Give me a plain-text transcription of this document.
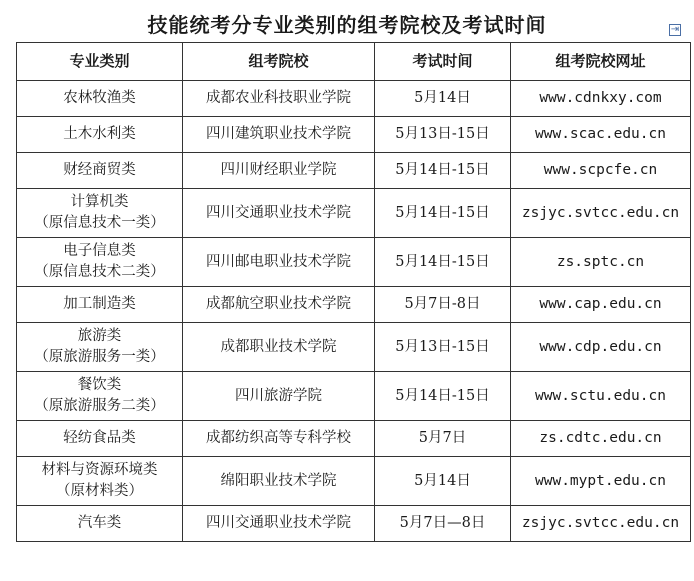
技能统考分专业类别的组考院校及考试时间	⇥
专业类别	组考院校	考试时间	组考院校网址

农林牧渔类	成都农业科技职业学院	5月14日	www.cdnkxy.com

土木水利类	四川建筑职业技术学院	5月13日-15日	www.scac.edu.cn

财经商贸类	四川财经职业学院	5月14日-15日	www.scpcfe.cn

计算机类
（原信息技术一类）	四川交通职业技术学院	5月14日-15日	zsjyc.svtcc.edu.cn

电子信息类
（原信息技术二类）	四川邮电职业技术学院	5月14日-15日	zs.sptc.cn

加工制造类	成都航空职业技术学院	5月7日-8日	www.cap.edu.cn

旅游类
（原旅游服务一类）	成都职业技术学院	5月13日-15日	www.cdp.edu.cn

餐饮类
（原旅游服务二类）	四川旅游学院	5月14日-15日	www.sctu.edu.cn

轻纺食品类	成都纺织高等专科学校	5月7日	zs.cdtc.edu.cn

材料与资源环境类
（原材料类）	绵阳职业技术学院	5月14日	www.mypt.edu.cn

汽车类	四川交通职业技术学院	5月7日—8日	zsjyc.svtcc.edu.cn
